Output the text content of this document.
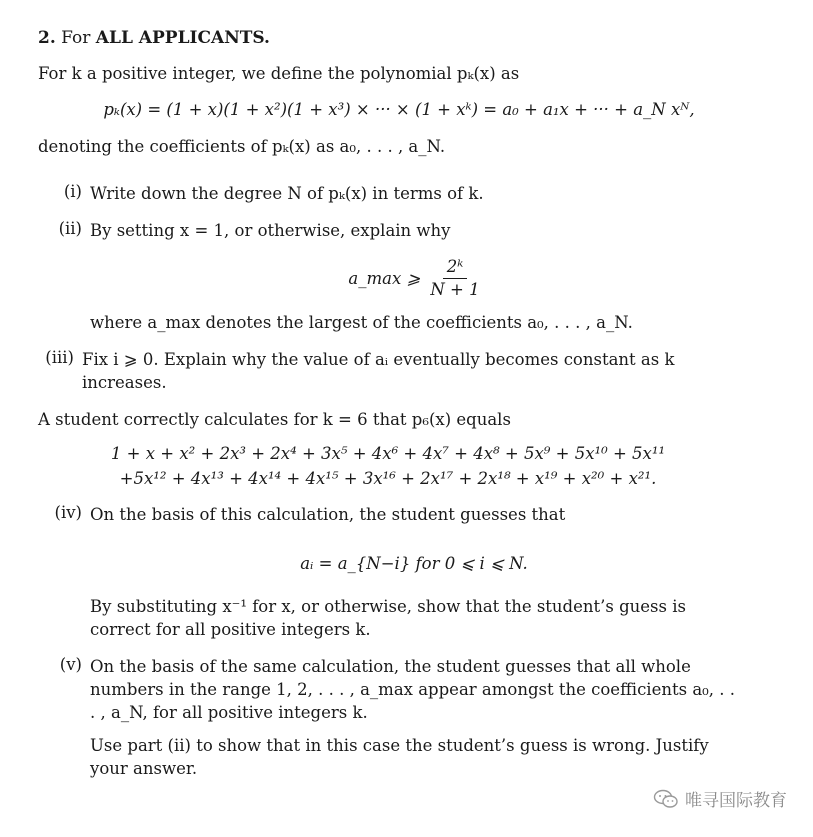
2. For ALL APPLICANTS.

For k a positive integer, we define the polynomial pₖ(x) as

pₖ(x) = (1 + x)(1 + x²)(1 + x³) × ··· × (1 + xᵏ) = a₀ + a₁x + ··· + a_N xᴺ,

denoting the coefficients of pₖ(x) as a₀, . . . , a_N.

(i) Write down the degree N of pₖ(x) in terms of k.

(ii) By setting x = 1, or otherwise, explain why

a_max ⩾ $\frac{\text{2ᵏ}}{N + 1}$

where a_max denotes the largest of the coefficients a₀, . . . , a_N.

(iii) Fix i ⩾ 0. Explain why the value of aᵢ eventually becomes constant as k increases.

A student correctly calculates for k = 6 that p₆(x) equals

1 + x + x² + 2x³ + 2x⁴ + 3x⁵ + 4x⁶ + 4x⁷ + 4x⁸ + 5x⁹ + 5x¹⁰ + 5x¹¹
+5x¹² + 4x¹³ + 4x¹⁴ + 4x¹⁵ + 3x¹⁶ + 2x¹⁷ + 2x¹⁸ + x¹⁹ + x²⁰ + x²¹.
(iv) On the basis of this calculation, the student guesses that

aᵢ = a_{N−i} for 0 ⩽ i ⩽ N.

By substituting x⁻¹ for x, or otherwise, show that the student’s guess is correct for all positive integers k.

(v) On the basis of the same calculation, the student guesses that all whole numbers in the range 1, 2, . . . , a_max appear amongst the coefficients a₀, . . . , a_N, for all positive integers k.

Use part (ii) to show that in this case the student’s guess is wrong. Justify your answer.

唯寻国际教育
